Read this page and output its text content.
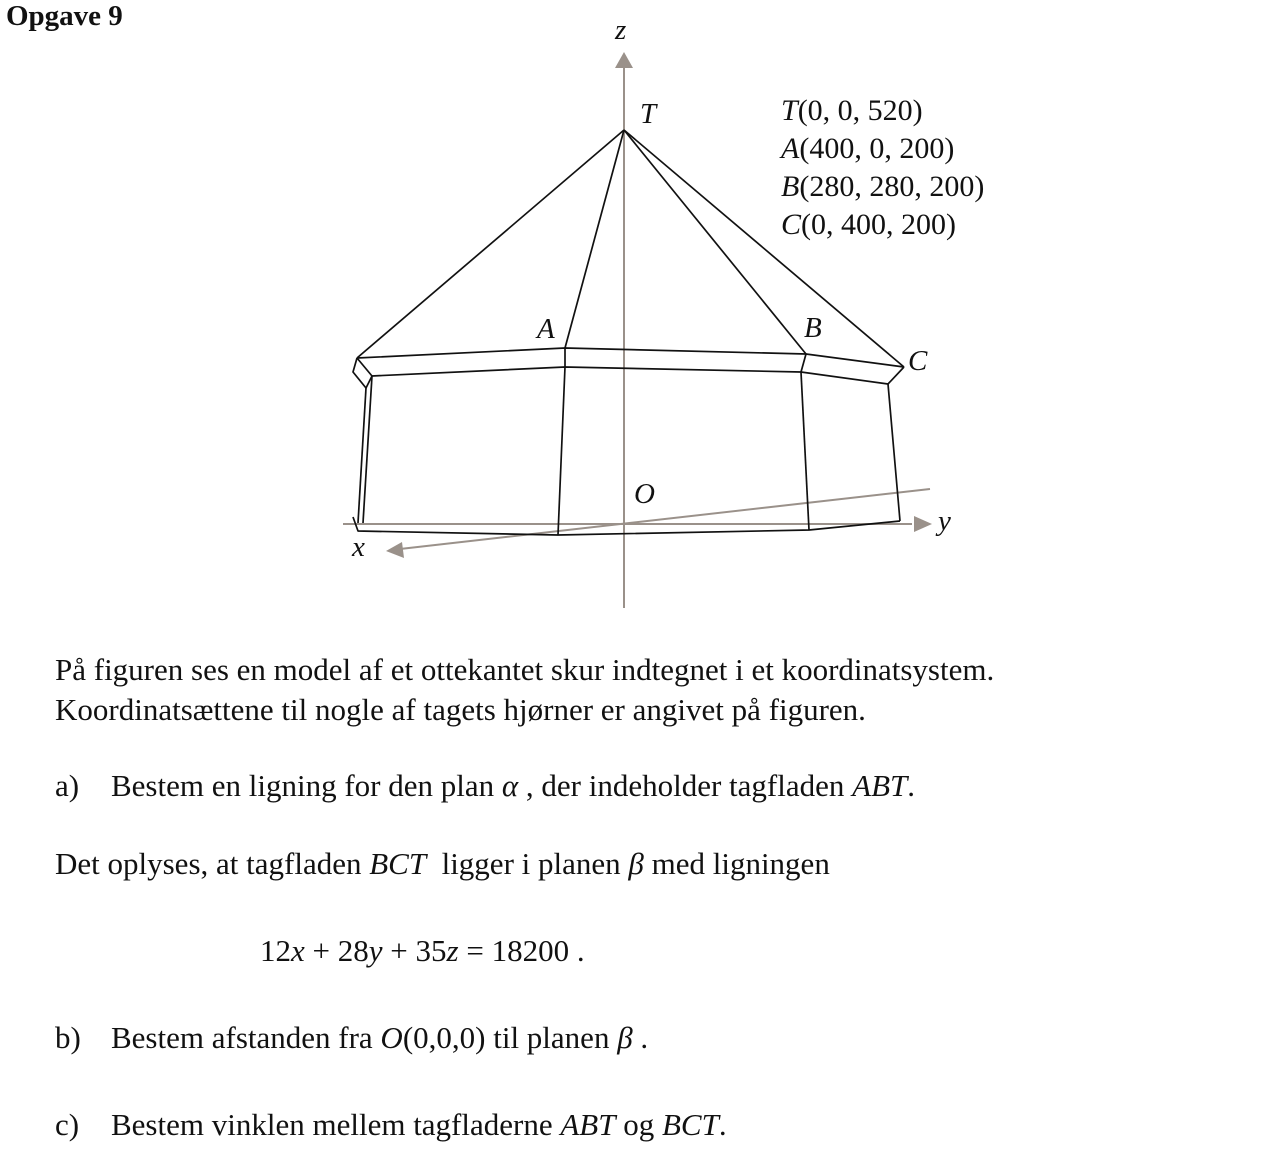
Opgave 9	z
y
x
O
T
A	B
C
T(0, 0, 520)
A(400, 0, 200)
B(280, 280, 200)
C(0, 400, 200)
På figuren ses en model af et ottekantet skur indtegnet i et koordinatsystem.
Koordinatsættene til nogle af tagets hjørner er angivet på figuren.
a) Bestem en ligning for den plan α , der indeholder tagfladen ABT.
Det oplyses, at tagfladen BCT  ligger i planen β med ligningen
12x + 28y + 35z = 18200 .
b) Bestem afstanden fra O(0,0,0) til planen β .
c) Bestem vinklen mellem tagfladerne ABT og BCT.
